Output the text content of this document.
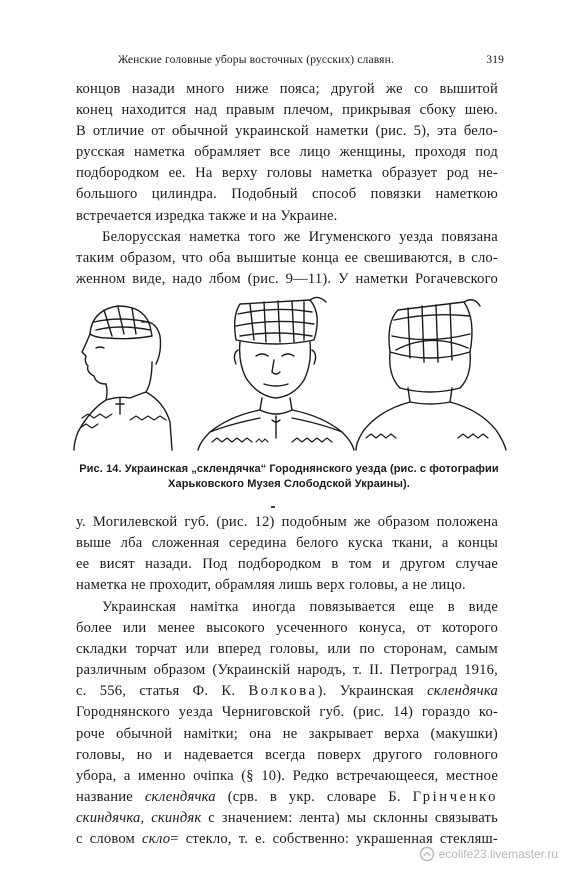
Женские головные уборы восточных (русских) славян.	319

концов назади много ниже пояса; другой же со вышитой
конец находится над правым плечом, прикрывая сбоку шею.
В отличие от обычной украинской наметки (рис. 5), эта бело-
русская наметка обрамляет все лицо женщины, проходя под
подбородком ее. На верху головы наметка образует род не-
большого цилиндра. Подобный способ повязки наметкою
встречается изредка также и на Украине.

Белорусская наметка того же Игуменского уезда повязана
таким образом, что оба вышитые конца ее свешиваются, в сло-
женном виде, надо лбом (рис. 9—11). У наметки Рогачевского

Рис. 14. Украинская „склендячка“ Городнянского уезда (рис. с фотографии
Харьковского Музея Слободской Украины).

у. Могилевской губ. (рис. 12) подобным же образом положена
выше лба сложенная середина белого куска ткани, а концы
ее висят назади. Под подбородком в том и другом случае
наметка не проходит, обрамляя лишь верх головы, а не лицо.

Украинская намітка иногда повязывается еще в виде
более или менее высокого усеченного конуса, от которого
складки торчат или вперед головы, или по сторонам, самым
различным образом (Украинскій народъ, т. II. Петроград 1916,
с. 556, статья Ф. К. Волкова). Украинская склендячка
Городнянского уезда Черниговской губ. (рис. 14) гораздо ко-
роче обычной намітки; она не закрывает верха (макушки)
головы, но и надевается всегда поверх другого головного
убора, а именно очіпка (§ 10). Редко встречающееся, местное
название склендячка (срв. в укр. словаре Б. Грінченко
скиндячка, скиндяк с значением: лента) мы склонны связывать
с словом скло= стекло, т. е. собственно: украшенная стекляш-

ecolife23.livemaster.ru
